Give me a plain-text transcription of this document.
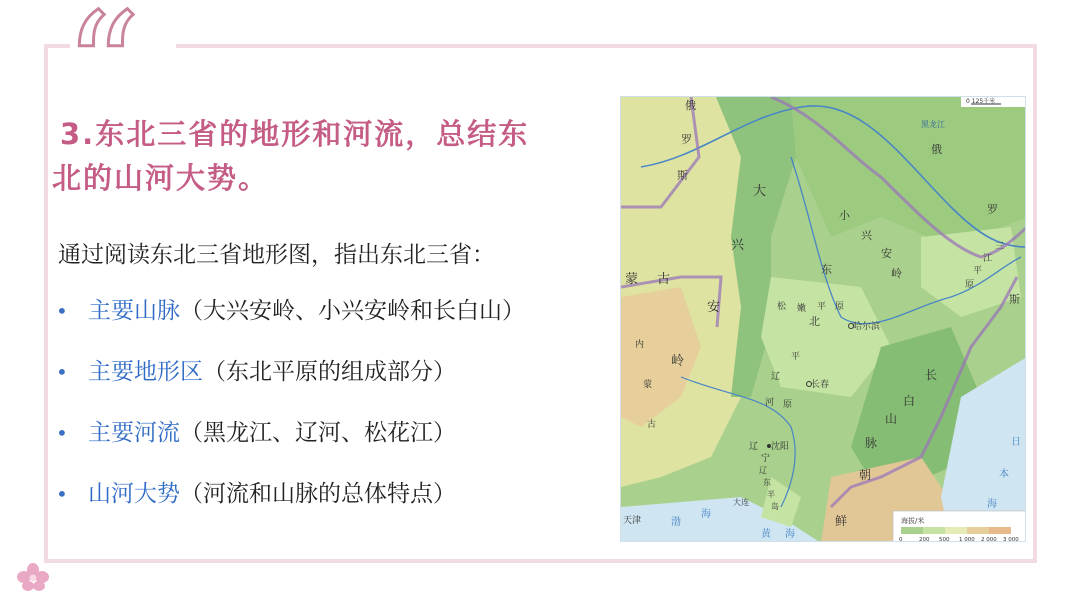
“
3.东北三省的地形和河流，总结东
北的山河大势。
通过阅读东北三省地形图，指出东北三省：
• 主要山脉（大兴安岭、小兴安岭和长白山）
• 主要地形区（东北平原的组成部分）
• 主要河流（黑龙江、辽河、松花江）
• 山河大势（河流和山脉的总体特点）
0 125千米
俄
罗
斯
俄
罗
斯
蒙 古
大
兴
安
岭
小
兴
安
岭
三
江
平
原
松 嫩 平 原
东
北
辽
河
平
原
长
白
山
脉
朝
鲜
日
本
海
渤
海
黄 海
辽
东
半
岛
辽
宁
内
蒙
古
哈尔滨
长春
沈阳
天津
大连
黑龙江
海拔/米
0	200 500 1 000 2 000 3 000
